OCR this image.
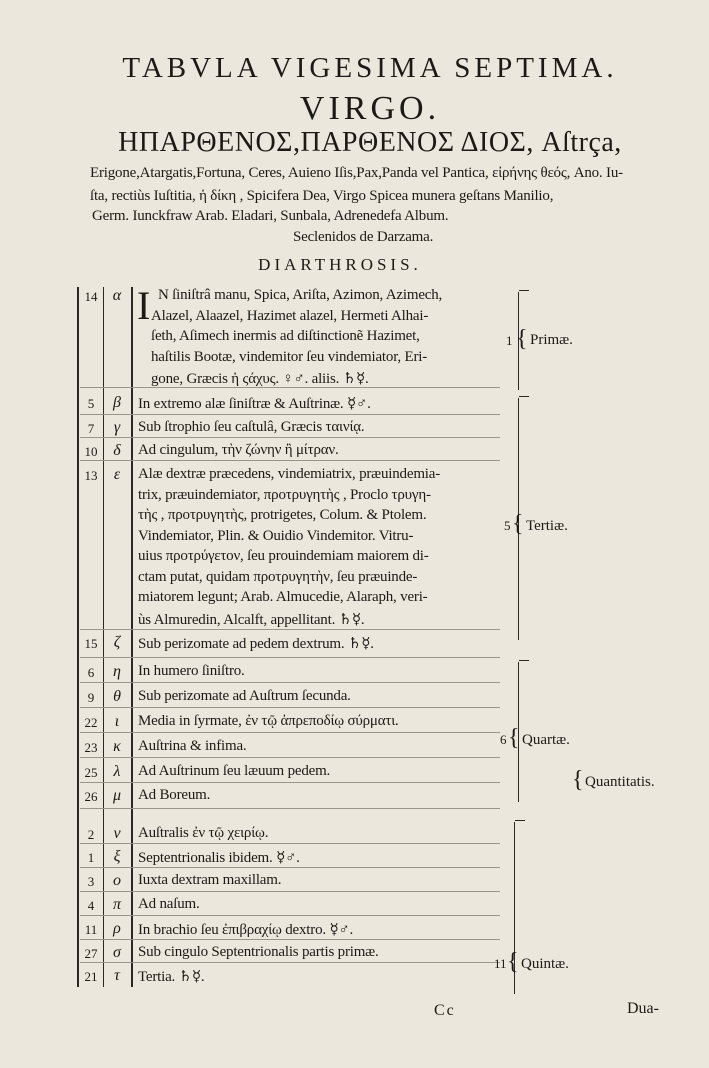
TABVLA VIGESIMA SEPTIMA.
VIRGO.
ΗΠΑΡΘΕΝΟΣ,ΠΑΡΘΕΝΟΣ ΔΙΟΣ, Aſtrça,
Erigone,Atargatis,Fortuna, Ceres, Auieno Iſis,Pax,Panda vel Pantica, εἰρήνης θεός, Ano. Iu-
ſta, rectiùs Iuſtitia, ἡ δίκη , Spicifera Dea, Virgo Spicea munera geſtans Manilio,
Germ. Iunckfraw Arab. Eladari, Sunbala, Adrenedefa Album.
Seclenidos de Darzama.
DIARTHROSIS.
14 α	N ſiniſtrâ manu, Spica, Ariſta, Azimon, Azimech,
Alazel, Alaazel, Hazimet alazel, Hermeti Alhai-
ſeth, Aſimech inermis ad diſtinctionẽ Hazimet,
haſtilis Bootæ, vindemitor ſeu vindemiator, Eri-
gone, Græcis ἡ ςάχυς. ♀♂. aliis. ♄☿.
5	β	In extremo alæ ſiniſtræ & Auſtrinæ. ☿♂.
7	γ	Sub ſtrophio ſeu caſtulâ, Græcis ταινίᾳ.
10 δ	Ad cingulum, τὴν ζώνην ἢ μίτραν.
13	ε	Alæ dextræ præcedens, vindemiatrix, præuindemia-
trix, præuindemiator, προτρυγητὴς , Proclo τρυγη-
τὴς , προτρυγητὴς, protrigetes, Colum. & Ptolem.
Vindemiator, Plin. & Ouidio Vindemitor. Vitru-
uius προτρύγετον, ſeu prouindemiam maiorem di-
ctam putat, quidam προτρυγητὴν, ſeu præuinde-
miatorem legunt; Arab. Almucedie, Alaraph, veri-
ùs Almuredin, Alcalft, appellitant. ♄☿.
15	ζ	Sub perizomate ad pedem dextrum. ♄☿.
6	η	In humero ſiniſtro.
9	θ	Sub perizomate ad Auſtrum ſecunda.
22	ι	Media in ſyrmate, ἐν τῷ ἀπρεποδίῳ σύρματι.
23 κ	Auſtrina & infima.
25	λ	Ad Auſtrinum ſeu læuum pedem.
26 μ	Ad Boreum.
2	ν	Auſtralis ἐν τῷ χειρίῳ.
1	ξ	Septentrionalis ibidem. ☿♂.
3	ο	Iuxta dextram maxillam.
4	π	Ad naſum.
11 ρ	In brachio ſeu ἐπιβραχίῳ dextro. ☿♂.
27 σ	Sub cingulo Septentrionalis partis primæ.
21	τ	Tertia. ♄☿.
I
1 { Primæ.
5 { Tertiæ.
6 { Quartæ.
{ Quantitatis.
11 { Quintæ.
Cc	Dua-
